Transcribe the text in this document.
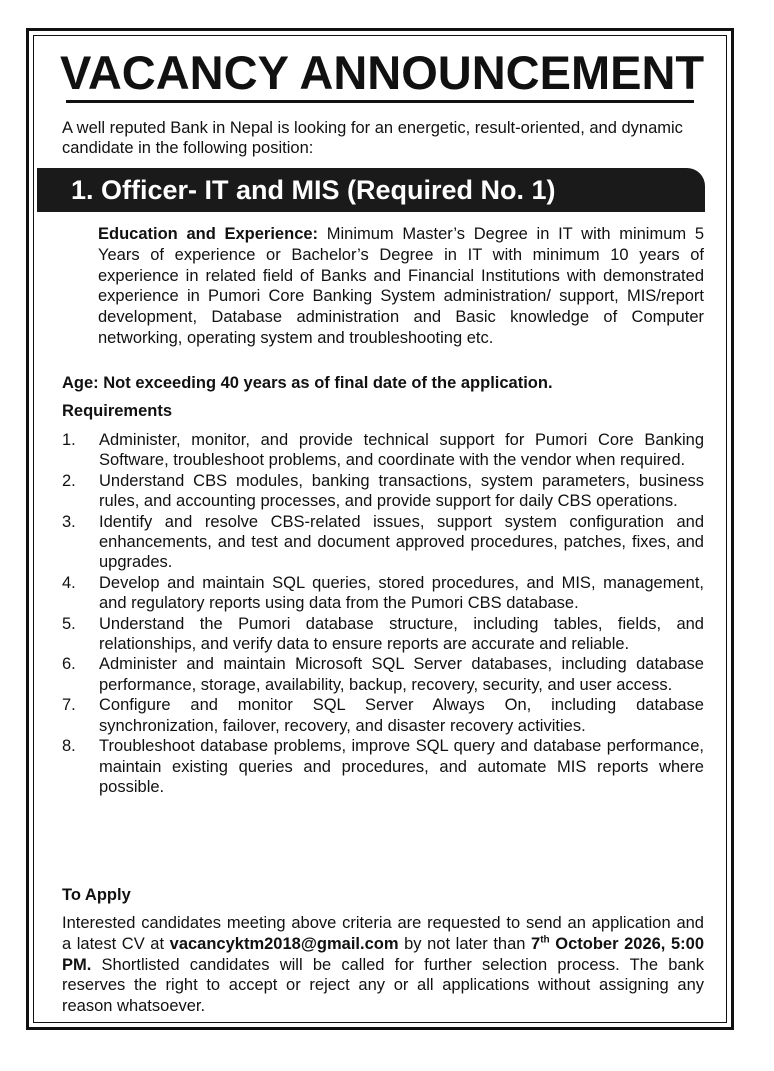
VACANCY ANNOUNCEMENT
A well reputed Bank in Nepal is looking for an energetic, result-oriented, and dynamic candidate in the following position:
1. Officer- IT and MIS (Required No. 1)
Education and Experience: Minimum Master’s Degree in IT with minimum 5 Years of experience or Bachelor’s Degree in IT with minimum 10 years of experience in related field of Banks and Financial Institutions with demonstrated experience in Pumori Core Banking System administration/ support, MIS/report development, Database administration and Basic knowledge of Computer networking, operating system and troubleshooting etc.
Age: Not exceeding 40 years as of final date of the application.
Requirements
1. Administer, monitor, and provide technical support for Pumori Core Banking Software, troubleshoot problems, and coordinate with the vendor when required.
2. Understand CBS modules, banking transactions, system parameters, business rules, and accounting processes, and provide support for daily CBS operations.
3. Identify and resolve CBS-related issues, support system configuration and enhancements, and test and document approved procedures, patches, fixes, and upgrades.
4. Develop and maintain SQL queries, stored procedures, and MIS, management, and regulatory reports using data from the Pumori CBS database.
5. Understand the Pumori database structure, including tables, fields, and relationships, and verify data to ensure reports are accurate and reliable.
6. Administer and maintain Microsoft SQL Server databases, including database performance, storage, availability, backup, recovery, security, and user access.
7. Configure and monitor SQL Server Always On, including database synchronization, failover, recovery, and disaster recovery activities.
8. Troubleshoot database problems, improve SQL query and database performance, maintain existing queries and procedures, and automate MIS reports where possible.
To Apply
Interested candidates meeting above criteria are requested to send an application and a latest CV at vacancyktm2018@gmail.com by not later than 7th October 2026, 5:00 PM. Shortlisted candidates will be called for further selection process. The bank reserves the right to accept or reject any or all applications without assigning any reason whatsoever.
